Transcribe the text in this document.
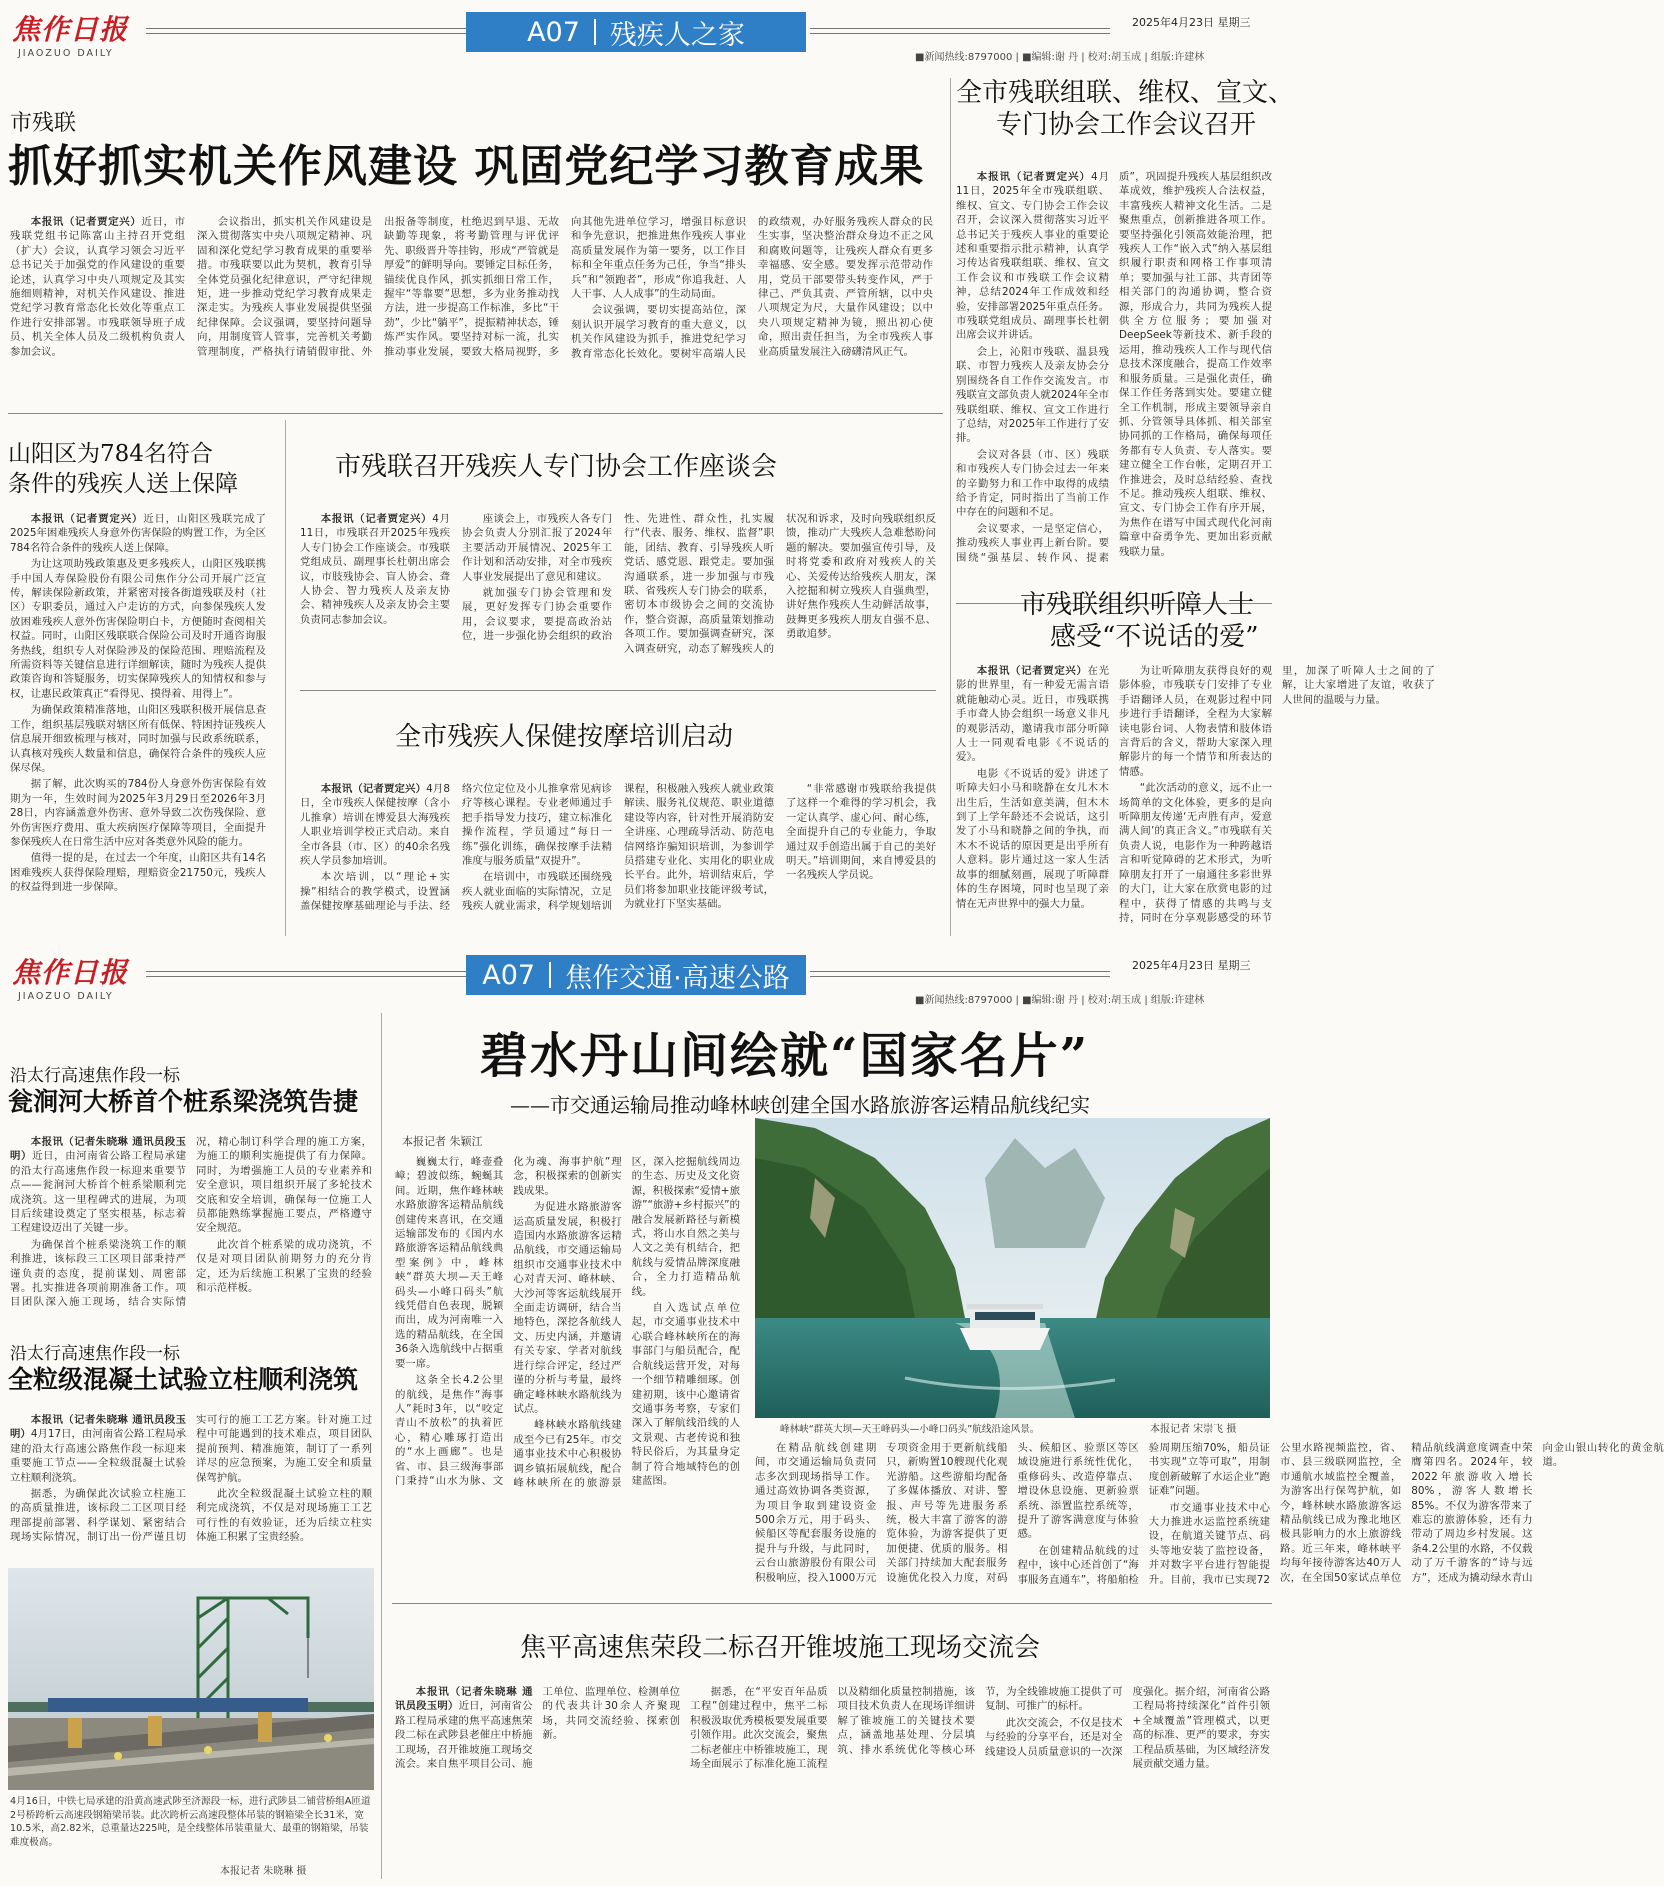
焦作日报
JIAOZUO DAILY
A07 残疾人之家	2025年4月23日 星期三
■新闻热线:8797000 | ■编辑:谢 丹 | 校对:胡玉成 | 组版:许建林
市残联
抓好抓实机关作风建设 巩固党纪学习教育成果
本报讯（记者贾定兴）近日，市残联党组书记陈富山主持召开党组（扩大）会议，认真学习领会习近平总书记关于加强党的作风建设的重要论述，认真学习中央八项规定及其实施细则精神，对机关作风建设、推进党纪学习教育常态化长效化等重点工作进行安排部署。市残联领导班子成员、机关全体人员及二级机构负责人参加会议。
会议指出，抓实机关作风建设是深入贯彻落实中央八项规定精神、巩固和深化党纪学习教育成果的重要举措。市残联要以此为契机，教育引导全体党员强化纪律意识，严守纪律规矩，进一步推动党纪学习教育成果走深走实。为残疾人事业发展提供坚强纪律保障。会议强调，要坚持问题导向，用制度管人管事，完善机关考勤管理制度，严格执行请销假审批、外出报备等制度，杜绝迟到早退、无故缺勤等现象，将考勤管理与评优评先、职级晋升等挂钩，形成“严管就是厚爱”的鲜明导向。要锤定目标任务，锚续优良作风，抓实抓细日常工作，握牢“等靠要”思想，多为业务推动找方法，进一步提高工作标准，多比“干劲”，少比“躺平”，提振精神状态，锤炼严实作风。要坚持对标一流，扎实推动事业发展，要致大格局视野，多向其他先进单位学习，增强目标意识和争先意识，把推进焦作残疾人事业高质量发展作为第一要务，以工作目标和全年重点任务为己任，争当“排头兵”和“领跑者”，形成“你追我赶、人人干事、人人成事”的生动局面。
会议强调，要切实提高站位，深刻认识开展学习教育的重大意义，以机关作风建设为抓手，推进党纪学习教育常态化长效化。要树牢高端人民的政绩观，办好服务残疾人群众的民生实事，坚决整治群众身边不正之风和腐败问题等，让残疾人群众有更多幸福感、安全感。要发挥示范带动作用，党员干部要带头转变作风，严于律己、严负其责、严管所辖，以中央八项规定为尺，大量作风建设；以中央八项规定精神为镜，照出初心使命，照出责任担当，为全市残疾人事业高质量发展注入磅礴清风正气。
全市残联组联、维权、宣文、
专门协会工作会议召开
本报讯（记者贾定兴）4月11日，2025年全市残联组联、维权、宣文、专门协会工作会议召开，会议深入贯彻落实习近平总书记关于残疾人事业的重要论述和重要指示批示精神，认真学习传达省残联组联、维权、宣文工作会议和市残联工作会议精神，总结2024年工作成效和经验，安排部署2025年重点任务。市残联党组成员、副理事长杜朝出席会议并讲话。
会上，沁阳市残联、温县残联、市智力残疾人及亲友协会分别围绕各自工作作交流发言。市残联宣文部负责人就2024年全市残联组联、维权、宣文工作进行了总结，对2025年工作进行了安排。
会议对各县（市、区）残联和市残疾人专门协会过去一年来的辛勤努力和工作中取得的成绩给予肯定，同时指出了当前工作中存在的问题和不足。
会议要求，一是坚定信心，推动残疾人事业再上新台阶。要围绕“强基层、转作风、提素质”，巩固提升残疾人基层组织改革成效，维护残疾人合法权益，丰富残疾人精神文化生活。二是聚焦重点，创新推进各项工作。要坚持强化引领高效能治理，把残疾人工作“嵌入式”纳入基层组织履行职责和网格工作事项清单；要加强与社工部、共青团等相关部门的沟通协调，整合资源，形成合力，共同为残疾人提供全方位服务；要加强对DeepSeek等新技术、新手段的运用，推动残疾人工作与现代信息技术深度融合，提高工作效率和服务质量。三是强化责任，确保工作任务落到实处。要建立健全工作机制，形成主要领导亲自抓、分管领导具体抓、相关部室协同抓的工作格局，确保每项任务都有专人负责、专人落实。要建立健全工作台帐，定期召开工作推进会，及时总结经验、查找不足。推动残疾人组联、维权、宣文、专门协会工作有序开展，为焦作在谱写中国式现代化河南篇章中奋勇争先、更加出彩贡献残联力量。
市残联组织听障人士
感受“不说话的爱”
本报讯（记者贾定兴）在光影的世界里，有一种爱无需言语就能触动心灵。近日，市残联携手市聋人协会组织一场意义非凡的观影活动，邀请我市部分听障人士一同观看电影《不说话的爱》。
电影《不说话的爱》讲述了听障夫妇小马和晓静在女儿木木出生后，生活如意美满，但木木到了上学年龄还不会说话，这引发了小马和晓静之间的争执，而木木不说话的原因更是出乎所有人意料。影片通过这一家人生活故事的细腻刻画，展现了听障群体的生存困境，同时也呈现了亲情在无声世界中的强大力量。
为让听障朋友获得良好的观影体验，市残联专门安排了专业手语翻译人员，在观影过程中同步进行手语翻译，全程为大家解读电影台词、人物表情和肢体语言背后的含义，帮助大家深入理解影片的每一个情节和所表达的情感。
“此次活动的意义，远不止一场简单的文化体验，更多的是向听障朋友传递‘无声胜有声，爱意满人间’的真正含义。”市残联有关负责人说，电影作为一种跨越语言和听觉障碍的艺术形式，为听障朋友打开了一扇通往多彩世界的大门，让大家在欣赏电影的过程中，获得了情感的共鸣与支持，同时在分享观影感受的环节里，加深了听障人士之间的了解，让大家增进了友谊，收获了人世间的温暖与力量。
山阳区为784名符合
条件的残疾人送上保障
本报讯（记者贾定兴）近日，山阳区残联完成了2025年困难残疾人身意外伤害保险的购置工作，为全区784名符合条件的残疾人送上保障。
为让这项助残政策惠及更多残疾人，山阳区残联携手中国人寿保险股份有限公司焦作分公司开展广泛宣传，解读保险新政策，并紧密对接各街道残联及村（社区）专职委员，通过入户走访的方式，向参保残疾人发放困难残疾人意外伤害保险明白卡，方便随时查阅相关权益。同时，山阳区残联联合保险公司及时开通咨询服务热线，组织专人对保险涉及的保险范围、理赔流程及所需资料等关键信息进行详细解读，随时为残疾人提供政策咨询和答疑服务，切实保障残疾人的知情权和参与权，让惠民政策真正“看得见、摸得着、用得上”。
为确保政策精准落地，山阳区残联积极开展信息查工作，组织基层残联对辖区所有低保、特困持证残疾人信息展开细致梳理与核对，同时加强与民政系统联系，认真核对残疾人数量和信息，确保符合条件的残疾人应保尽保。
据了解，此次购买的784份人身意外伤害保险有效期为一年，生效时间为2025年3月29日至2026年3月28日，内容涵盖意外伤害、意外导致二次伤残保险、意外伤害医疗费用、重大疾病医疗保障等项目，全面提升参保残疾人在日常生活中应对各类意外风险的能力。
值得一提的是，在过去一个年度，山阳区共有14名困难残疾人获得保险理赔，理赔资金21750元，残疾人的权益得到进一步保障。
市残联召开残疾人专门协会工作座谈会
本报讯（记者贾定兴）4月11日，市残联召开2025年残疾人专门协会工作座谈会。市残联党组成员、副理事长杜朝出席会议，市肢残协会、盲人协会、聋人协会、智力残疾人及亲友协会、精神残疾人及亲友协会主要负责同志参加会议。
座谈会上，市残疾人各专门协会负责人分别汇报了2024年主要活动开展情况、2025年工作计划和活动安排，对全市残疾人事业发展提出了意见和建议。
就加强专门协会管理和发展，更好发挥专门协会重要作用，会议要求，要提高政治站位，进一步强化协会组织的政治性、先进性、群众性，扎实履行“代表、服务、维权、监督”职能，团结、教育、引导残疾人听党话、感党恩、跟党走。要加强沟通联系，进一步加强与市残联、省残疾人专门协会的联系，密切本市级协会之间的交流协作，整合资源，高质量策划推动各项工作。要加强调查研究，深入调查研究，动态了解残疾人的状况和诉求，及时向残联组织反馈，推动广大残疾人急难愁盼问题的解决。要加强宣传引导，及时将党委和政府对残疾人的关心、关爱传达给残疾人朋友，深入挖掘和树立残疾人自强典型，讲好焦作残疾人生动鲜活故事，鼓舞更多残疾人朋友自强不息、勇敢追梦。
全市残疾人保健按摩培训启动
本报讯（记者贾定兴）4月8日，全市残疾人保健按摩（含小儿推拿）培训在博爱县大海残疾人职业培训学校正式启动。来自全市各县（市、区）的40余名残疾人学员参加培训。
本次培训，以“理论+实操”相结合的教学模式，设置涵盖保健按摩基础理论与手法、经络穴位定位及小儿推拿常见病诊疗等核心课程。专业老师通过手把手指导发力技巧，建立标准化操作流程，学员通过“每日一练”强化训练，确保按摩手法精准度与服务质量“双提升”。
在培训中，市残联还围绕残疾人就业面临的实际情况，立足残疾人就业需求，科学规划培训课程，积极融入残疾人就业政策解读、服务礼仪规范、职业道德建设等内容，针对性开展消防安全讲座、心理疏导活动、防范电信网络诈骗知识培训，为参训学员搭建专业化、实用化的职业成长平台。此外，培训结束后，学员们将参加职业技能评级考试，为就业打下坚实基础。
“非常感谢市残联给我提供了这样一个难得的学习机会，我一定认真学、虚心问、耐心练，全面提升自己的专业能力，争取通过双手创造出属于自己的美好明天。”培训期间，来自博爱县的一名残疾人学员说。
焦作日报
JIAOZUO DAILY
A07 焦作交通·高速公路	2025年4月23日 星期三
■新闻热线:8797000 | ■编辑:谢 丹 | 校对:胡玉成 | 组版:许建林
沿太行高速焦作段一标
瓮涧河大桥首个桩系梁浇筑告捷
本报讯（记者朱晓琳 通讯员段玉明）近日，由河南省公路工程局承建的沿太行高速焦作段一标迎来重要节点——瓮涧河大桥首个桩系梁顺利完成浇筑。这一里程碑式的进展，为项目后续建设奠定了坚实根基，标志着工程建设迈出了关键一步。
为确保首个桩系梁浇筑工作的顺利推进，该标段三工区项目部秉持严谨负责的态度，提前谋划、周密部署。扎实推进各项前期准备工作。项目团队深入施工现场，结合实际情况，精心制订科学合理的施工方案，为施工的顺利实施提供了有力保障。同时，为增强施工人员的专业素养和安全意识，项目组织开展了多轮技术交底和安全培训，确保每一位施工人员都能熟练掌握施工要点，严格遵守安全规范。
此次首个桩系梁的成功浇筑，不仅是对项目团队前期努力的充分肯定，还为后续施工积累了宝贵的经验和示范样板。
沿太行高速焦作段一标
全粒级混凝土试验立柱顺利浇筑
本报讯（记者朱晓琳 通讯员段玉明）4月17日，由河南省公路工程局承建的沿太行高速公路焦作段一标迎来重要施工节点——全粒级混凝土试验立柱顺利浇筑。
据悉，为确保此次试验立柱施工的高质量推进，该标段二工区项目经理部提前部署、科学谋划、紧密结合现场实际情况，制订出一份严谨且切实可行的施工工艺方案。针对施工过程中可能遇到的技术难点，项目团队提前预判、精准施策，制订了一系列详尽的应急预案，为施工安全和质量保驾护航。
此次全粒级混凝土试验立柱的顺利完成浇筑，不仅是对现场施工工艺可行性的有效验证，还为后续立柱实体施工积累了宝贵经验。
4月16日，中铁七局承建的沿黄高速武陟至济源段一标，进行武陟县二铺营桥组A匝道2号桥跨析云高速段钢箱梁吊装。此次跨析云高速段整体吊装的钢箱梁全长31米，宽10.5米，高2.82米，总重量达225吨，是全线整体吊装重量大、最重的钢箱梁，吊装难度极高。
本报记者 朱晓琳 摄
碧水丹山间绘就“国家名片”
——市交通运输局推动峰林峡创建全国水路旅游客运精品航线纪实
本报记者 朱颖江
巍巍太行，峰壶叠嶂；碧波似练，蜿蜒其间。近期，焦作峰林峡水路旅游客运精品航线创建传来喜讯，在交通运输部发布的《国内水路旅游客运精品航线典型案例》中，峰林峡“群英大坝—天王峰码头—小峰口码头”航线凭借自色表现，脱颖而出，成为河南唯一入选的精品航线，在全国36条入选航线中占据重要一席。
这条全长4.2公里的航线，是焦作“海事人”耗时3年，以“咬定青山不放松”的执着匠心，精心雕琢打造出的“水上画廊”。也是省、市、县三级海事部门秉持“山水为脉、文化为魂、海事护航”理念，积极探索的创新实践成果。
为促进水路旅游客运高质量发展，积极打造国内水路旅游客运精品航线，市交通运输局组织市交通事业技术中心对青天河、峰林峡、大沙河等客运航线展开全面走访调研，结合当地特色，深挖各航线人文、历史内涵，并邀请有关专家、学者对航线进行综合评定，经过严谨的分析与考量，最终确定峰林峡水路航线为试点。
峰林峡水路航线建成至今已有25年。市交通事业技术中心积极协调乡镇拓展航线，配合峰林峡所在的旅游景区，深入挖掘航线周边的生态、历史及文化资源，积极探索“爱情+旅游”“旅游+乡村振兴”的融合发展新路径与新模式，将山水自然之美与人文之美有机结合，把航线与爱情品牌深度融合，全力打造精品航线。
自入选试点单位起，市交通事业技术中心联合峰林峡所在的海事部门与船员配合，配合航线运营开发，对每一个细节精雕细琢。创建初期，该中心邀请省交通事务考察，专家们深入了解航线沿线的人文景观、古老传说和独特民俗后，为其量身定制了符合地域特色的创建蓝图。
峰林峡“群英大坝—天王峰码头—小峰口码头”航线沿途风景。	本报记者 宋崇飞 摄
在精品航线创建期间，市交通运输局负责同志多次到现场指导工作。通过高效协调各类资源，为项目争取到建设资金500余万元，用于码头、候船区等配套服务设施的提升与升级，与此同时，云台山旅游股份有限公司积极响应，投入1000万元专项资金用于更新航线船只，新购置10艘现代化观光游船。这些游船均配备了多媒体播放、对讲、警报、声号等先进服务系统，极大丰富了游客的游览体验，为游客提供了更加便捷、优质的服务。相关部门持续加大配套服务设施优化投入力度，对码头、候船区、验票区等区域设施进行系统性优化，重修码头、改造停靠点、增设休息设施、更新验票系统、添置监控系统等，提升了游客满意度与体验感。
在创建精品航线的过程中，该中心还首创了“海事服务直通车”，将船舶检验周期压缩70%，船员证书实现“立等可取”，用制度创新破解了水运企业“跑证难”问题。
市交通事业技术中心大力推进水运监控系统建设，在航道关键节点、码头等地安装了监控设备，并对数字平台进行智能提升。目前，我市已实现72公里水路视频监控，省、市、县三级联网监控，全市通航水域监控全覆盖，为游客出行保驾护航，如今，峰林峡水路旅游客运精品航线已成为豫北地区极具影响力的水上旅游线路。近三年来，峰林峡平均每年接待游客达40万人次，在全国50家试点单位精品航线满意度调查中荣膺第四名。2024年，较2022年旅游收入增长80%，游客人数增长85%。不仅为游客带来了难忘的旅游体验，还有力带动了周边乡村发展。这条4.2公里的水路，不仅载动了万千游客的“诗与远方”，还成为撬动绿水青山向金山银山转化的黄金航道。
焦平高速焦荣段二标召开锥坡施工现场交流会
本报讯（记者朱晓琳 通讯员段玉明）近日，河南省公路工程局承建的焦平高速焦荣段二标在武陟县老催庄中桥施工现场，召开锥坡施工现场交流会。来自焦平项目公司、施工单位、监理单位、检测单位的代表共计30余人齐聚现场，共同交流经验、探索创新。
据悉，在“平安百年品质工程”创建过程中，焦平二标积极汲取优秀模板要发展重要引领作用。此次交流会，聚焦二标老催庄中桥锥坡施工，现场全面展示了标准化施工流程以及精细化质量控制措施，该项目技术负责人在现场详细讲解了锥坡施工的关键技术要点，涵盖地基处理、分层填筑、排水系统优化等核心环节，为全线锥坡施工提供了可复制、可推广的标杆。
此次交流会，不仅是技术与经验的分享平台，还是对全线建设人员质量意识的一次深度强化。据介绍，河南省公路工程局将持续深化“首件引领+全域覆盖”管理模式，以更高的标准、更严的要求，夯实工程品质基础，为区域经济发展贡献交通力量。
